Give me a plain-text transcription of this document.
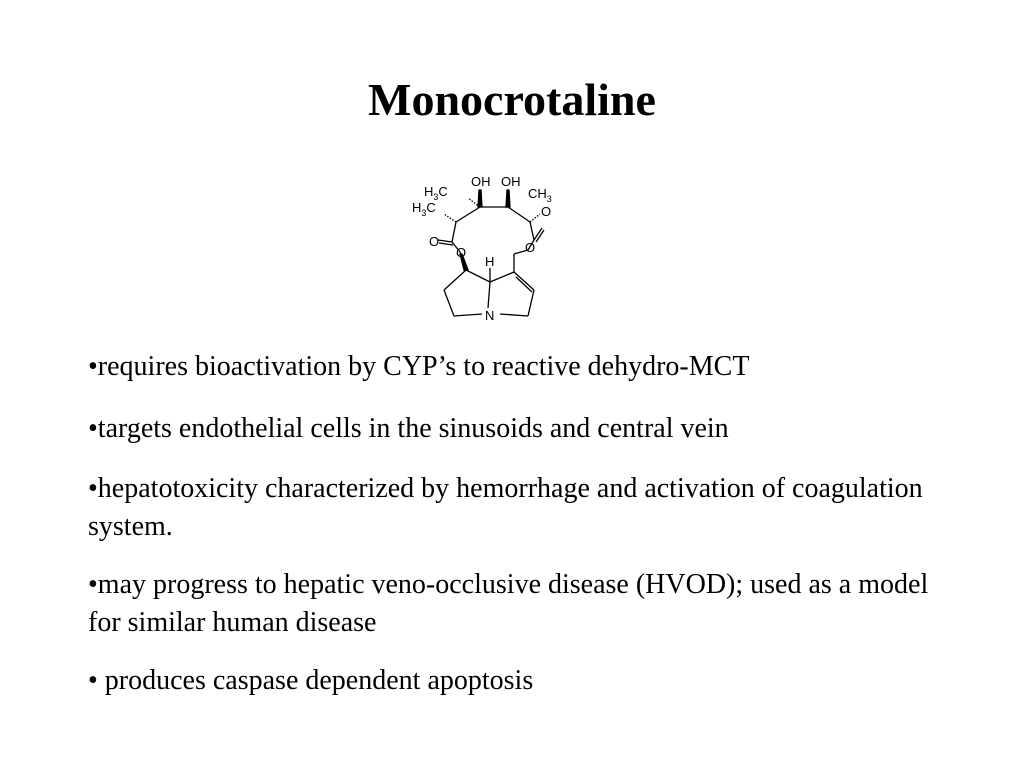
Monocrotaline
$H_3C$
$H_3C$
OH OH
$CH_3$
O
O
O	O
H
N
•requires bioactivation by CYP’s to reactive dehydro-MCT
•targets endothelial cells in the sinusoids and central vein
•hepatotoxicity characterized by hemorrhage and activation of coagulation system.
•may progress to hepatic veno-occlusive disease (HVOD); used as a model for similar human disease
• produces caspase dependent apoptosis
